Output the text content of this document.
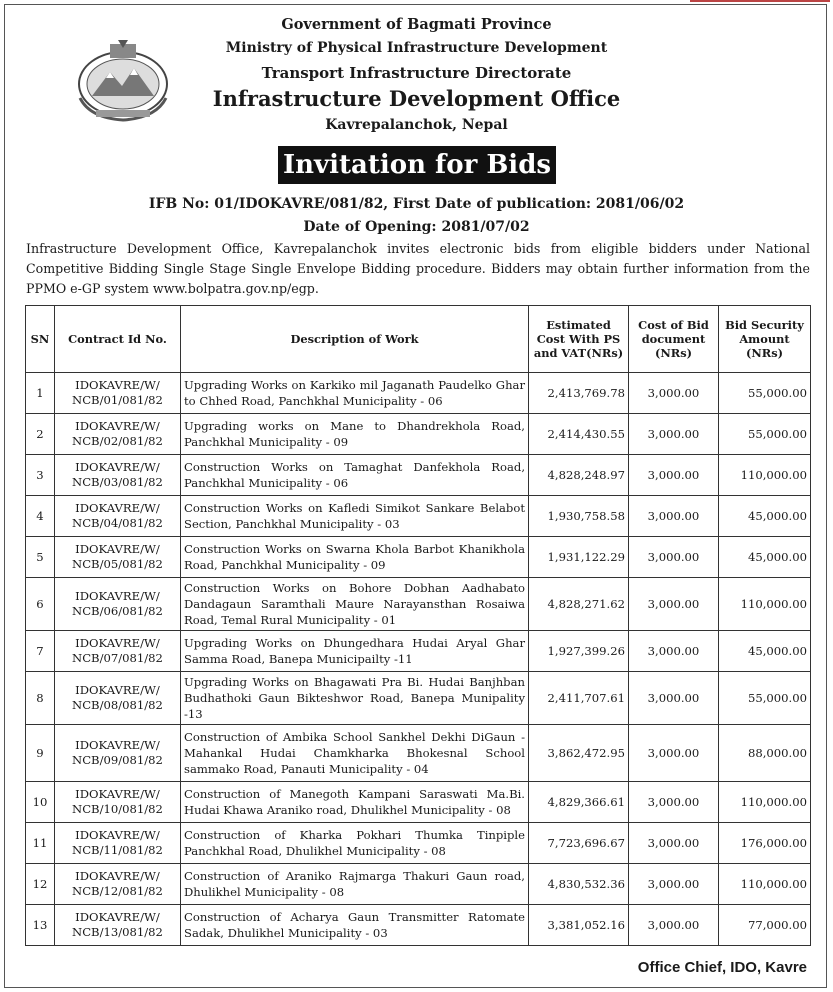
Government of Bagmati Province
Ministry of Physical Infrastructure Development
Transport Infrastructure Directorate
Infrastructure Development Office
Kavrepalanchok, Nepal
Invitation for Bids
IFB No: 01/IDOKAVRE/081/82, First Date of publication: 2081/06/02
Date of Opening: 2081/07/02
Infrastructure Development Office, Kavrepalanchok invites electronic bids from eligible bidders under National Competitive Bidding Single Stage Single Envelope Bidding procedure. Bidders may obtain further information from the PPMO e-GP system www.bolpatra.gov.np/egp.
SN	Contract Id No.	Description of Work	Estimated Cost With PS and VAT(NRs)	Cost of Bid document (NRs)	Bid Security Amount (NRs)
1	IDOKAVRE/W/ NCB/01/081/82	Upgrading Works on Karkiko mil Jaganath Paudelko Ghar to Chhed Road, Panchkhal Municipality - 06	2,413,769.78	3,000.00	55,000.00
2	IDOKAVRE/W/ NCB/02/081/82	Upgrading works on Mane to Dhandrekhola Road, Panchkhal Municipality - 09	2,414,430.55	3,000.00	55,000.00
3	IDOKAVRE/W/ NCB/03/081/82	Construction Works on Tamaghat Danfekhola Road, Panchkhal Municipality - 06	4,828,248.97	3,000.00	110,000.00
4	IDOKAVRE/W/ NCB/04/081/82	Construction Works on Kafledi Simikot Sankare Belabot Section, Panchkhal Municipality - 03	1,930,758.58	3,000.00	45,000.00
5	IDOKAVRE/W/ NCB/05/081/82	Construction Works on Swarna Khola Barbot Khanikhola Road, Panchkhal Municipality - 09	1,931,122.29	3,000.00	45,000.00
6	IDOKAVRE/W/ NCB/06/081/82	Construction Works on Bohore Dobhan Aadhabato Dandagaun Saramthali Maure Narayansthan Rosaiwa Road, Temal Rural Municipality - 01	4,828,271.62	3,000.00	110,000.00
7	IDOKAVRE/W/ NCB/07/081/82	Upgrading Works on Dhungedhara Hudai Aryal Ghar Samma Road, Banepa Municipailty -11	1,927,399.26	3,000.00	45,000.00
8	IDOKAVRE/W/ NCB/08/081/82	Upgrading Works on Bhagawati Pra Bi. Hudai Banjhban Budhathoki Gaun Bikteshwor Road, Banepa Munipality -13	2,411,707.61	3,000.00	55,000.00
9	IDOKAVRE/W/ NCB/09/081/82	Construction of Ambika School Sankhel Dekhi DiGaun -Mahankal Hudai Chamkharka Bhokesnal School sammako Road, Panauti Municipality - 04	3,862,472.95	3,000.00	88,000.00
10	IDOKAVRE/W/ NCB/10/081/82	Construction of Manegoth Kampani Saraswati Ma.Bi. Hudai Khawa Araniko road, Dhulikhel Municipality - 08	4,829,366.61	3,000.00	110,000.00
11	IDOKAVRE/W/ NCB/11/081/82	Construction of Kharka Pokhari Thumka Tinpiple Panchkhal Road, Dhulikhel Municipality - 08	7,723,696.67	3,000.00	176,000.00
12	IDOKAVRE/W/ NCB/12/081/82	Construction of Araniko Rajmarga Thakuri Gaun road, Dhulikhel Municipality - 08	4,830,532.36	3,000.00	110,000.00
13	IDOKAVRE/W/ NCB/13/081/82	Construction of Acharya Gaun Transmitter Ratomate Sadak, Dhulikhel Municipality - 03	3,381,052.16	3,000.00	77,000.00
Office Chief, IDO, Kavre
